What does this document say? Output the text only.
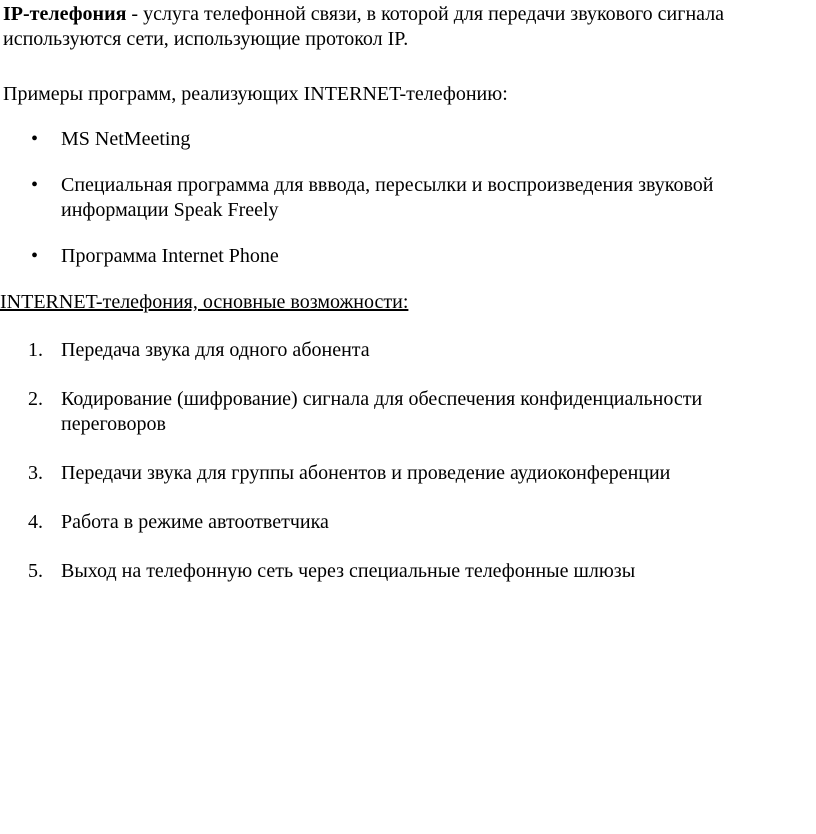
IP-телефония - услуга телефонной связи, в которой для передачи звукового сигнала используются сети, использующие протокол IP.

Примеры программ, реализующих INTERNET-телефонию:

• MS NetMeeting
• Специальная программа для вввода, пересылки и воспроизведения звуковой информации Speak Freely
• Программа Internet Phone

INTERNET-телефония, основные возможности:

1. Передача звука для одного абонента
2. Кодирование (шифрование) сигнала для обеспечения конфиденциальности переговоров
3. Передачи звука для группы абонентов и проведение аудиоконференции
4. Работа в режиме автоответчика
5. Выход на телефонную сеть через специальные телефонные шлюзы
